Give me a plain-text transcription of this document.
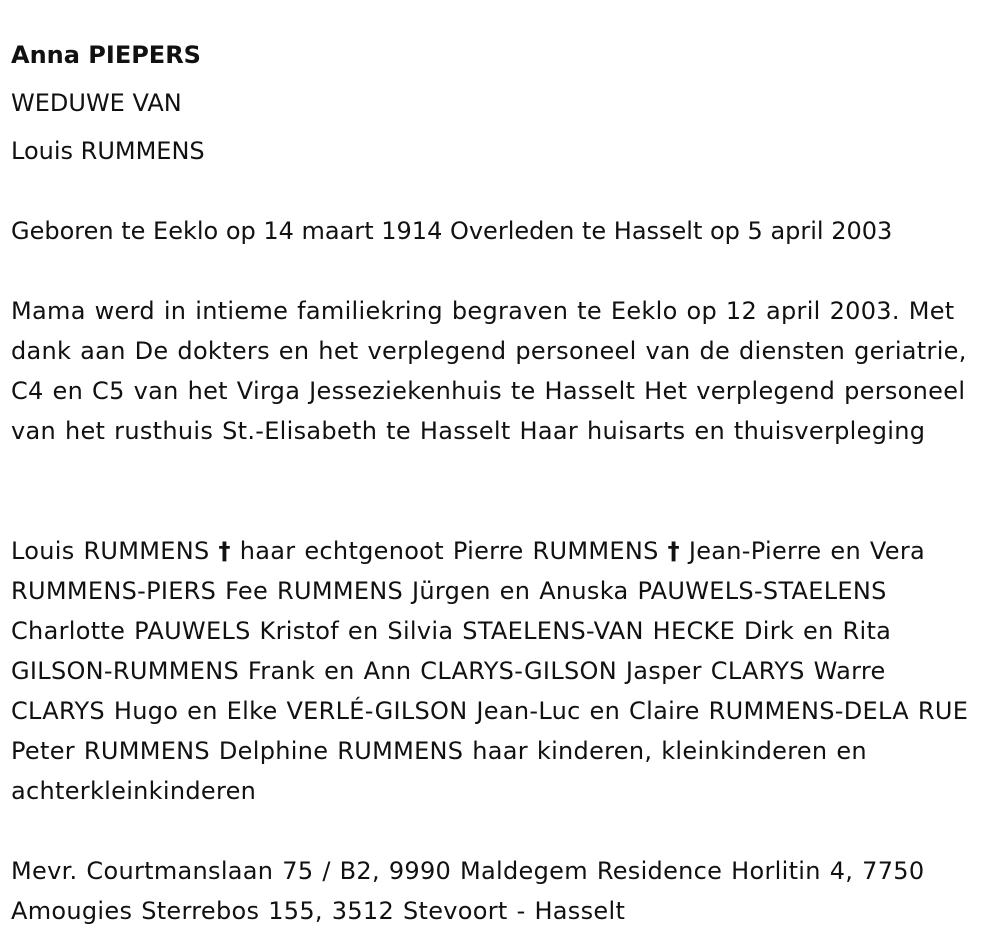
Anna PIEPERS
WEDUWE VAN
Louis RUMMENS
Geboren te Eeklo op 14 maart 1914 Overleden te Hasselt op 5 april 2003
Mama werd in intieme familiekring begraven te Eeklo op 12 april 2003. Met dank aan De dokters en het verplegend personeel van de diensten geriatrie, C4 en C5 van het Virga Jesseziekenhuis te Hasselt Het verplegend personeel van het rusthuis St.-Elisabeth te Hasselt Haar huisarts en thuisverpleging
Louis RUMMENS † haar echtgenoot Pierre RUMMENS † Jean-Pierre en Vera RUMMENS-PIERS Fee RUMMENS Jürgen en Anuska PAUWELS-STAELENS Charlotte PAUWELS Kristof en Silvia STAELENS-VAN HECKE Dirk en Rita GILSON-RUMMENS Frank en Ann CLARYS-GILSON Jasper CLARYS Warre CLARYS Hugo en Elke VERLÉ-GILSON Jean-Luc en Claire RUMMENS-DELA RUE Peter RUMMENS Delphine RUMMENS haar kinderen, kleinkinderen en achterkleinkinderen
Mevr. Courtmanslaan 75 / B2, 9990 Maldegem Residence Horlitin 4, 7750 Amougies Sterrebos 155, 3512 Stevoort - Hasselt
